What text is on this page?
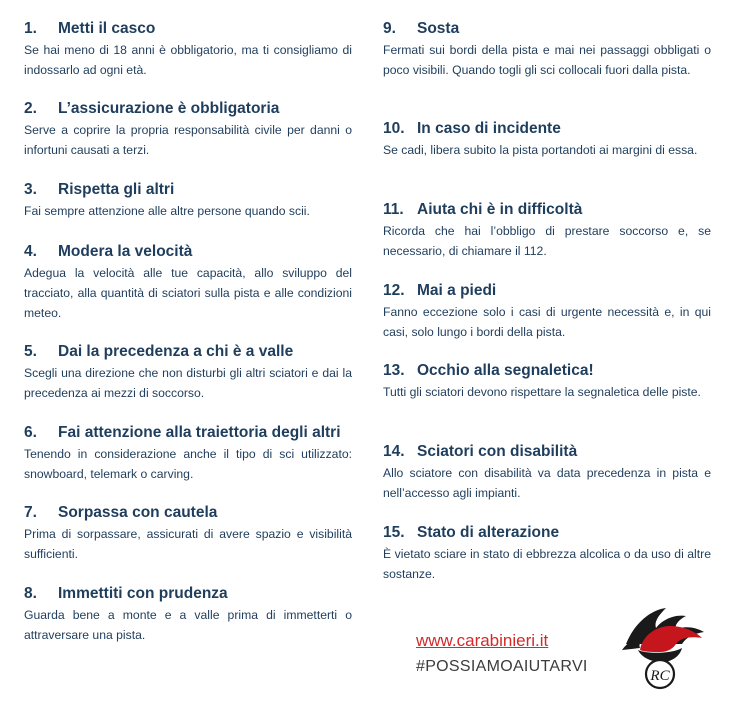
1. Metti il casco
Se hai meno di 18 anni è obbligatorio, ma ti consigliamo di indossarlo ad ogni età.
2. L’assicurazione è obbligatoria
Serve a coprire la propria responsabilità civile per danni o infortuni causati a terzi.
3. Rispetta gli altri
Fai sempre attenzione alle altre persone quando scii.
4. Modera la velocità
Adegua la velocità alle tue capacità, allo sviluppo del tracciato, alla quantità di sciatori sulla pista e alle condizioni meteo.
5. Dai la precedenza a chi è a valle
Scegli una direzione che non disturbi gli altri sciatori e dai la precedenza ai mezzi di soccorso.
6. Fai attenzione alla traiettoria degli altri
Tenendo in considerazione anche il tipo di sci utilizzato: snowboard, telemark o carving.
7. Sorpassa con cautela
Prima di sorpassare, assicurati di avere spazio e visibilità sufficienti.
8. Immettiti con prudenza
Guarda bene a monte e a valle prima di immetterti o attraversare una pista.
9. Sosta
Fermati sui bordi della pista e mai nei passaggi obbligati o poco visibili. Quando togli gli sci collocali fuori dalla pista.
10. In caso di incidente
Se cadi, libera subito la pista portandoti ai margini di essa.
11. Aiuta chi è in difficoltà
Ricorda che hai l’obbligo di prestare soccorso e, se necessario, di chiamare il 112.
12. Mai a piedi
Fanno eccezione solo i casi di urgente necessità e, in qui casi, solo lungo i bordi della pista.
13. Occhio alla segnaletica!
Tutti gli sciatori devono rispettare la segnaletica delle piste.
14. Sciatori con disabilità
Allo sciatore con disabilità va data precedenza in pista e nell’accesso agli impianti.
15. Stato di alterazione
È vietato sciare in stato di ebbrezza alcolica o da uso di altre sostanze.
www.carabinieri.it
#POSSIAMOAIUTARVI
RC
